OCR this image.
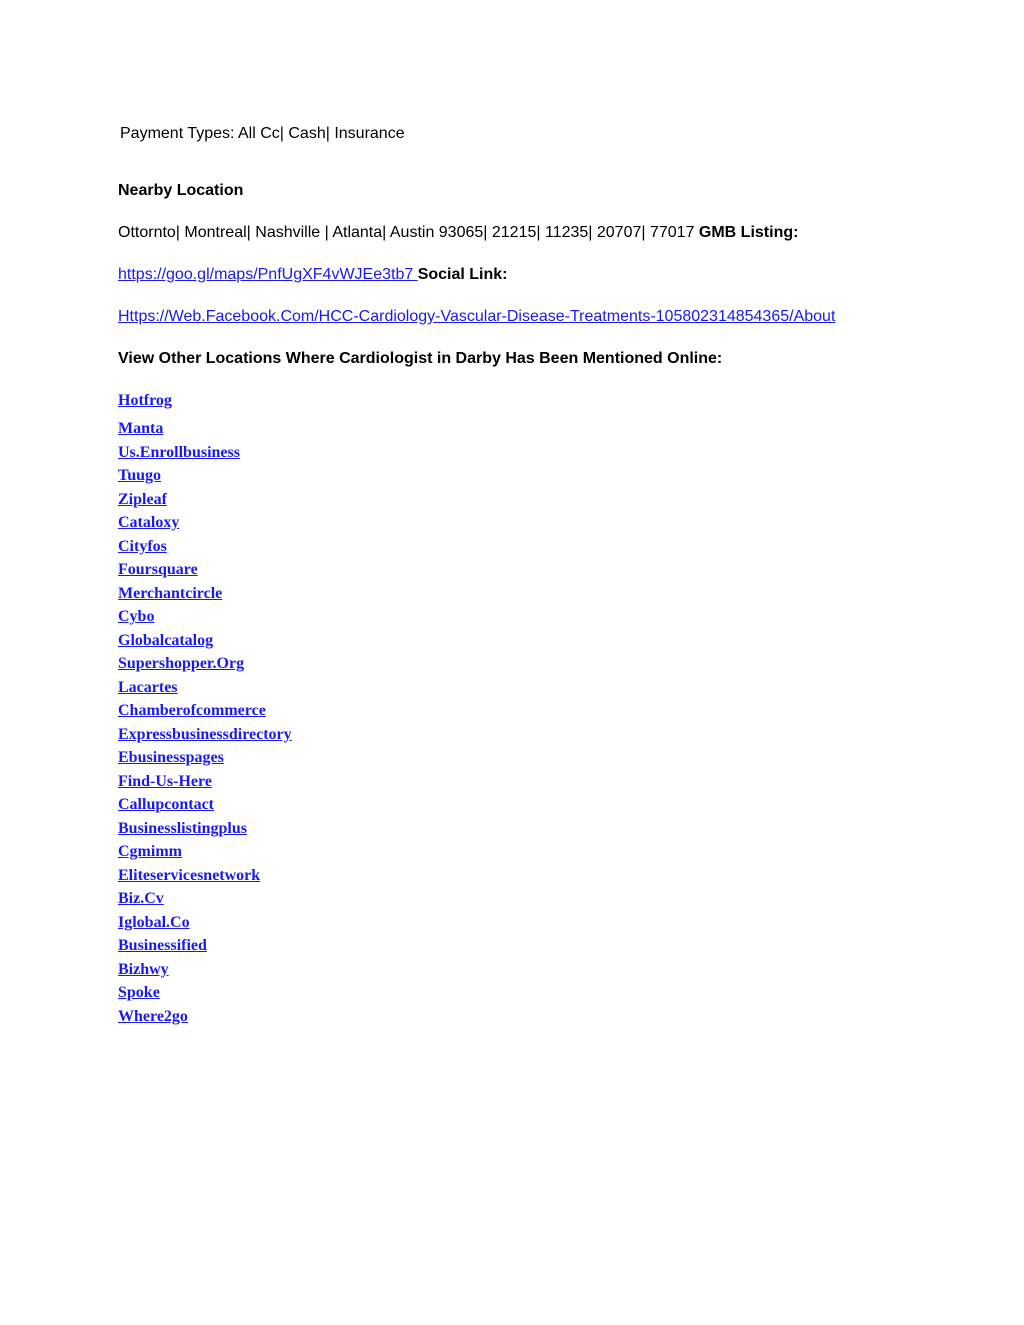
Payment Types: All Cc| Cash| Insurance
Nearby Location
Ottornto| Montreal| Nashville | Atlanta| Austin 93065| 21215| 11235| 20707| 77017 GMB Listing:
https://goo.gl/maps/PnfUgXF4vWJEe3tb7 Social Link:
Https://Web.Facebook.Com/HCC-Cardiology-Vascular-Disease-Treatments-105802314854365/About
View Other Locations Where Cardiologist in Darby Has Been Mentioned Online:
Hotfrog
Manta
Us.Enrollbusiness
Tuugo
Zipleaf
Cataloxy
Cityfos
Foursquare
Merchantcircle
Cybo
Globalcatalog
Supershopper.Org
Lacartes
Chamberofcommerce
Expressbusinessdirectory
Ebusinesspages
Find-Us-Here
Callupcontact
Businesslistingplus
Cgmimm
Eliteservicesnetwork
Biz.Cv
Iglobal.Co
Businessified
Bizhwy
Spoke
Where2go
